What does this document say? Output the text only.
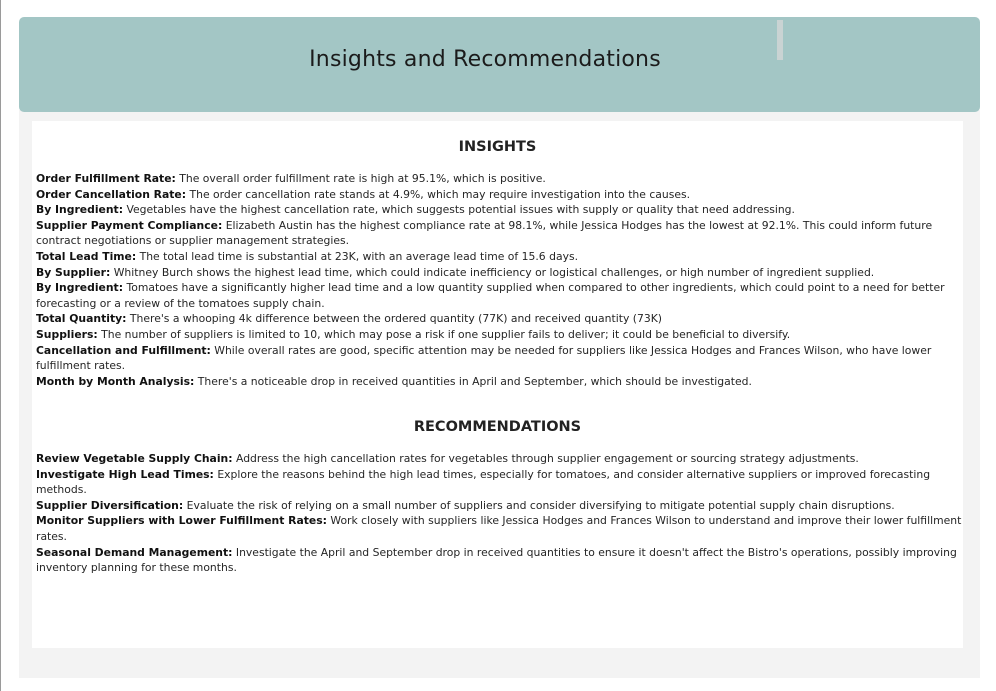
Insights and Recommendations
INSIGHTS

Order Fulfillment Rate: The overall order fulfillment rate is high at 95.1%, which is positive.

Order Cancellation Rate: The order cancellation rate stands at 4.9%, which may require investigation into the causes.

By Ingredient: Vegetables have the highest cancellation rate, which suggests potential issues with supply or quality that need addressing.

Supplier Payment Compliance: Elizabeth Austin has the highest compliance rate at 98.1%, while Jessica Hodges has the lowest at 92.1%. This could inform future contract negotiations or supplier management strategies.

Total Lead Time: The total lead time is substantial at 23K, with an average lead time of 15.6 days.

By Supplier: Whitney Burch shows the highest lead time, which could indicate inefficiency or logistical challenges, or high number of ingredient supplied.

By Ingredient: Tomatoes have a significantly higher lead time and a low quantity supplied when compared to other ingredients, which could point to a need for better forecasting or a review of the tomatoes supply chain.

Total Quantity: There's a whooping 4k difference between the ordered quantity (77K) and received quantity (73K)

Suppliers: The number of suppliers is limited to 10, which may pose a risk if one supplier fails to deliver; it could be beneficial to diversify.

Cancellation and Fulfillment: While overall rates are good, specific attention may be needed for suppliers like Jessica Hodges and Frances Wilson, who have lower fulfillment rates.

Month by Month Analysis: There's a noticeable drop in received quantities in April and September, which should be investigated.

RECOMMENDATIONS

Review Vegetable Supply Chain: Address the high cancellation rates for vegetables through supplier engagement or sourcing strategy adjustments.

Investigate High Lead Times: Explore the reasons behind the high lead times, especially for tomatoes, and consider alternative suppliers or improved forecasting methods.

Supplier Diversification: Evaluate the risk of relying on a small number of suppliers and consider diversifying to mitigate potential supply chain disruptions.

Monitor Suppliers with Lower Fulfillment Rates: Work closely with suppliers like Jessica Hodges and Frances Wilson to understand and improve their lower fulfillment rates.

Seasonal Demand Management: Investigate the April and September drop in received quantities to ensure it doesn't affect the Bistro's operations, possibly improving inventory planning for these months.
